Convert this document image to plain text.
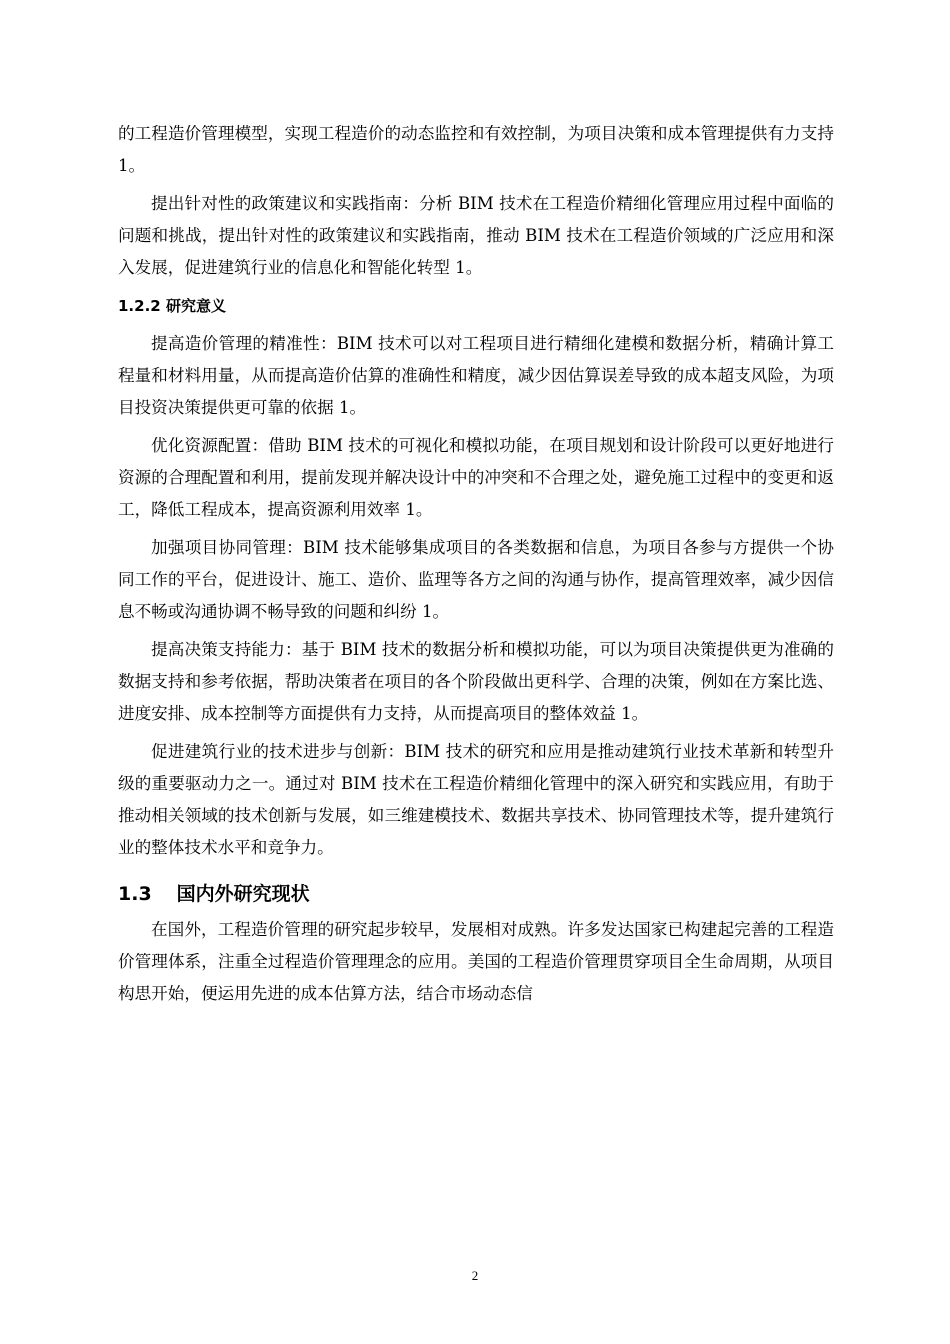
的工程造价管理模型，实现工程造价的动态监控和有效控制，为项目决策和成本管理提供有力支持 1。

提出针对性的政策建议和实践指南：分析 BIM 技术在工程造价精细化管理应用过程中面临的问题和挑战，提出针对性的政策建议和实践指南，推动 BIM 技术在工程造价领域的广泛应用和深入发展，促进建筑行业的信息化和智能化转型 1。

1.2.2 研究意义

提高造价管理的精准性：BIM 技术可以对工程项目进行精细化建模和数据分析，精确计算工程量和材料用量，从而提高造价估算的准确性和精度，减少因估算误差导致的成本超支风险，为项目投资决策提供更可靠的依据 1。

优化资源配置：借助 BIM 技术的可视化和模拟功能，在项目规划和设计阶段可以更好地进行资源的合理配置和利用，提前发现并解决设计中的冲突和不合理之处，避免施工过程中的变更和返工，降低工程成本，提高资源利用效率 1。

加强项目协同管理：BIM 技术能够集成项目的各类数据和信息，为项目各参与方提供一个协同工作的平台，促进设计、施工、造价、监理等各方之间的沟通与协作，提高管理效率，减少因信息不畅或沟通协调不畅导致的问题和纠纷 1。

提高决策支持能力：基于 BIM 技术的数据分析和模拟功能，可以为项目决策提供更为准确的数据支持和参考依据，帮助决策者在项目的各个阶段做出更科学、合理的决策，例如在方案比选、进度安排、成本控制等方面提供有力支持，从而提高项目的整体效益 1。

促进建筑行业的技术进步与创新：BIM 技术的研究和应用是推动建筑行业技术革新和转型升级的重要驱动力之一。通过对 BIM 技术在工程造价精细化管理中的深入研究和实践应用，有助于推动相关领域的技术创新与发展，如三维建模技术、数据共享技术、协同管理技术等，提升建筑行业的整体技术水平和竞争力。

1.3 国内外研究现状

在国外，工程造价管理的研究起步较早，发展相对成熟。许多发达国家已构建起完善的工程造价管理体系，注重全过程造价管理理念的应用。美国的工程造价管理贯穿项目全生命周期，从项目构思开始，便运用先进的成本估算方法，结合市场动态信

2
